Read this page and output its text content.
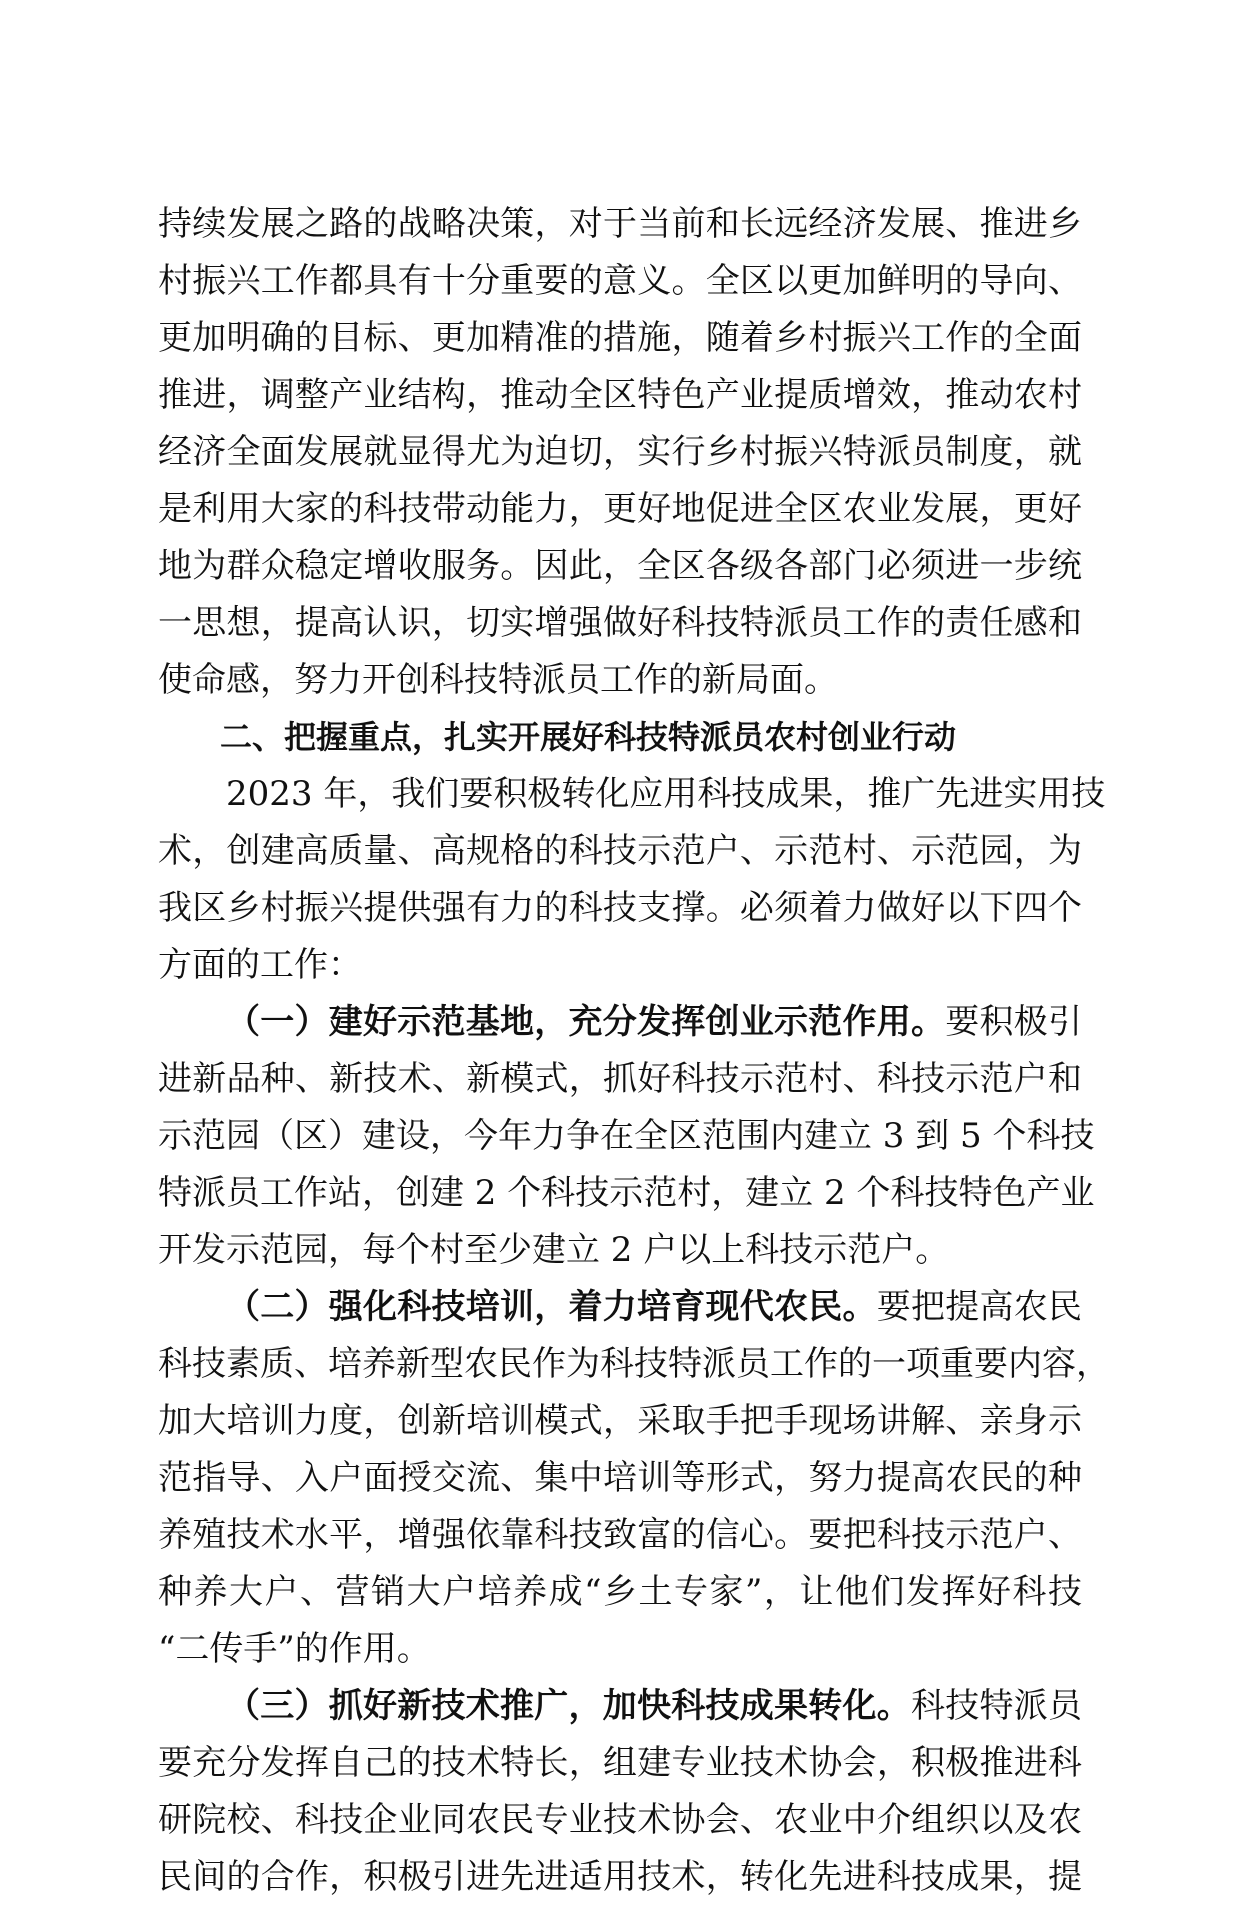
持续发展之路的战略决策，对于当前和长远经济发展、推进乡
村振兴工作都具有十分重要的意义。全区以更加鲜明的导向、
更加明确的目标、更加精准的措施，随着乡村振兴工作的全面
推进，调整产业结构，推动全区特色产业提质增效，推动农村
经济全面发展就显得尤为迫切，实行乡村振兴特派员制度，就
是利用大家的科技带动能力，更好地促进全区农业发展，更好
地为群众稳定增收服务。因此，全区各级各部门必须进一步统
一思想，提高认识，切实增强做好科技特派员工作的责任感和
使命感，努力开创科技特派员工作的新局面。
二、把握重点，扎实开展好科技特派员农村创业行动
2023 年，我们要积极转化应用科技成果，推广先进实用技
术，创建高质量、高规格的科技示范户、示范村、示范园，为
我区乡村振兴提供强有力的科技支撑。必须着力做好以下四个
方面的工作：
（一）建好示范基地，充分发挥创业示范作用。要积极引
进新品种、新技术、新模式，抓好科技示范村、科技示范户和
示范园（区）建设，今年力争在全区范围内建立 3 到 5 个科技
特派员工作站，创建 2 个科技示范村，建立 2 个科技特色产业
开发示范园，每个村至少建立 2 户以上科技示范户。
（二）强化科技培训，着力培育现代农民。要把提高农民
科技素质、培养新型农民作为科技特派员工作的一项重要内容，
加大培训力度，创新培训模式，采取手把手现场讲解、亲身示
范指导、入户面授交流、集中培训等形式，努力提高农民的种
养殖技术水平，增强依靠科技致富的信心。要把科技示范户、
种养大户、营销大户培养成“乡土专家”，让他们发挥好科技
“二传手”的作用。
（三）抓好新技术推广，加快科技成果转化。科技特派员
要充分发挥自己的技术特长，组建专业技术协会，积极推进科
研院校、科技企业同农民专业技术协会、农业中介组织以及农
民间的合作，积极引进先进适用技术，转化先进科技成果，提
